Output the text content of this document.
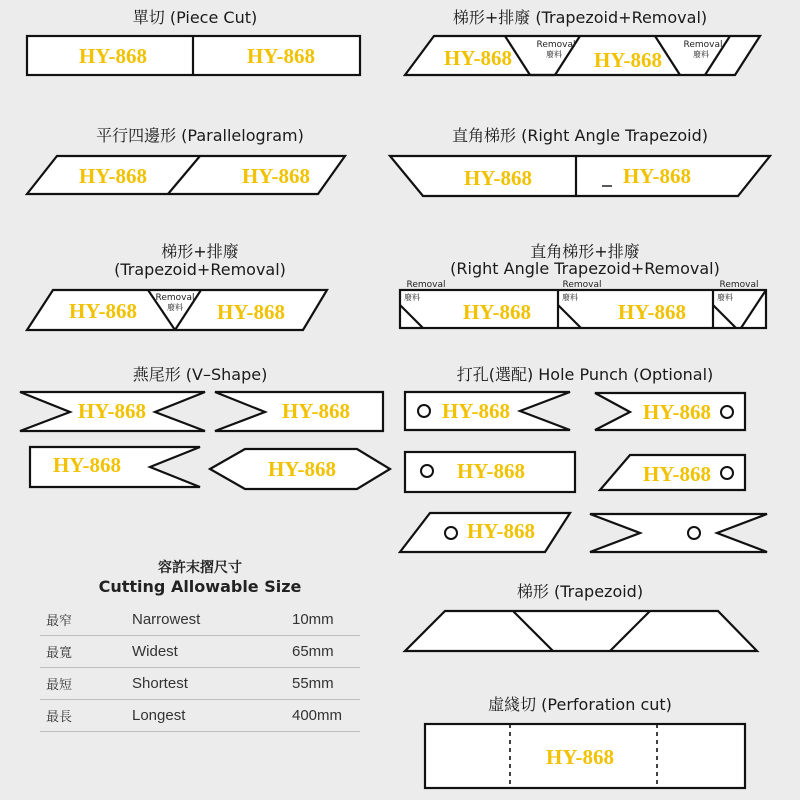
單切 (Piece Cut)	梯形+排廢 (Trapezoid+Removal)
平行四邊形 (Parallelogram)	直角梯形 (Right Angle Trapezoid)
梯形+排廢
(Trapezoid+Removal)
直角梯形+排廢
(Right Angle Trapezoid+Removal)
燕尾形 (V–Shape)	打孔(選配) Hole Punch (Optional)
梯形 (Trapezoid)
虛綫切 (Perforation cut)
HY-868	HY-868	HY-868	HY-868
Removal
廢料
Removal
廢料
HY-868	HY-868	HY-868	HY-868
HY-868	HY-868
Removal
廢料	HY-868	HY-868
Removal
廢料
Removal
廢料
Removal
廢料
HY-868	HY-868
HY-868	HY-868
HY-868	HY-868
HY-868	HY-868
HY-868
HY-868
容許末摺尺寸
Cutting Allowable Size
最窄	Narrowest	10mm
最寬	Widest	65mm
最短	Shortest	55mm
最長	Longest	400mm
